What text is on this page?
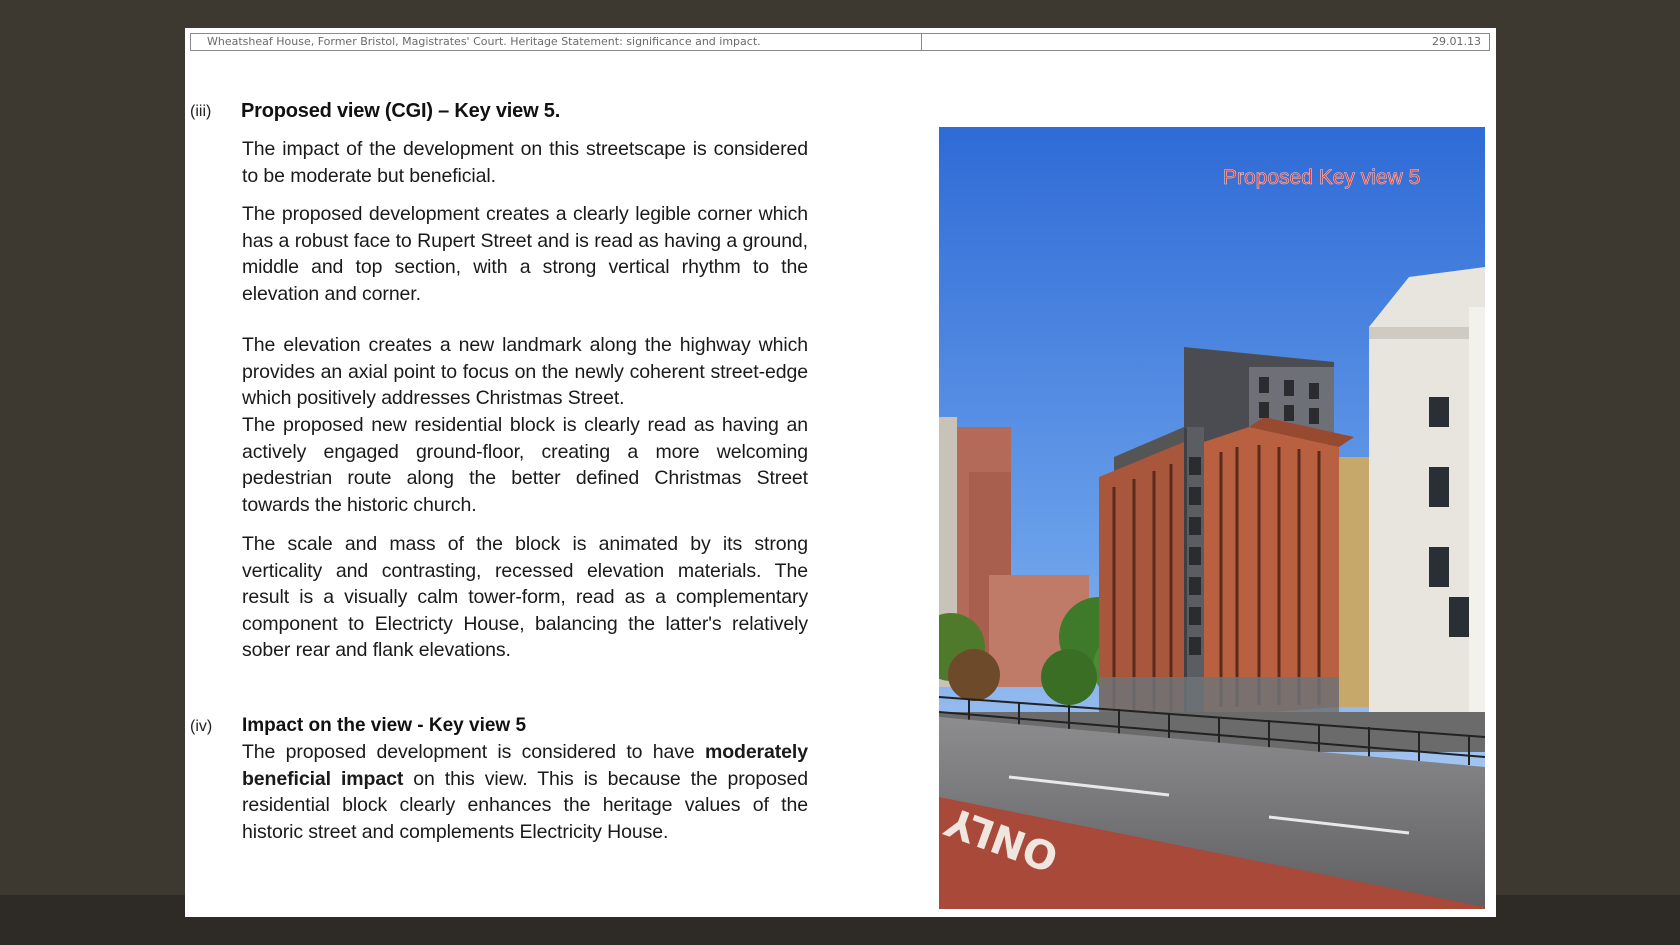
Wheatsheaf House, Former Bristol, Magistrates' Court. Heritage Statement: significance and impact.	29.01.13
(iii) Proposed view (CGI) – Key view 5.

The impact of the development on this streetscape is considered to be moderate but beneficial.

The proposed development creates a clearly legible corner which has a robust face to Rupert Street and is read as having a ground, middle and top section, with a strong vertical rhythm to the elevation and corner.

The elevation creates a new landmark along the highway which provides an axial point to focus on the newly coherent street-edge which positively addresses Christmas Street.

The proposed new residential block is clearly read as having an actively engaged ground-floor, creating a more welcoming pedestrian route along the better defined Christmas Street towards the historic church.

The scale and mass of the block is animated by its strong verticality and contrasting, recessed elevation materials. The result is a visually calm tower-form, read as a complementary component to Electricty House, balancing the latter's relatively sober rear and flank elevations.

(iv) Impact on the view - Key view 5

The proposed development is considered to have moderately beneficial impact on this view. This is because the proposed residential block clearly enhances the heritage values of the historic street and complements Electricity House.	ONLY
Proposed Key view 5
